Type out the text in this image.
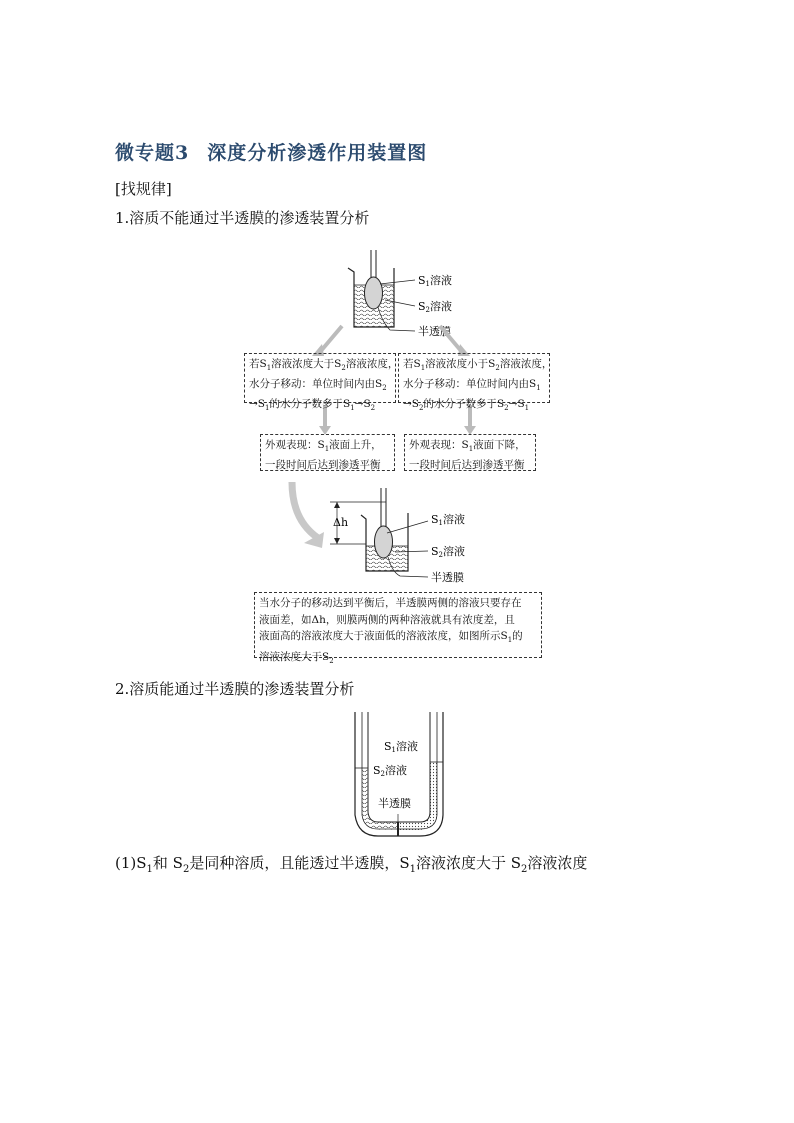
微专题3 深度分析渗透作用装置图
[找规律]
1.溶质不能通过半透膜的渗透装置分析
S1溶液
S2溶液
半透膜
Δh	S1溶液
S2溶液
半透膜
若$S_1$溶液浓度大于$S_2$溶液浓度，
水分子移动：单位时间内由$S_2$
$\to S_1$的水分子数多于$S_1\to S_2$
若$S_1$溶液浓度小于$S_2$溶液浓度，
水分子移动：单位时间内由$S_1$
$\to S_2$的水分子数多于$S_2\to S_1$
外观表现：$S_1$液面上升，
一段时间后达到渗透平衡
外观表现：$S_1$液面下降，
一段时间后达到渗透平衡
当水分子的移动达到平衡后，半透膜两侧的溶液只要存在
液面差，如Δh，则膜两侧的两种溶液就具有浓度差，且
液面高的溶液浓度大于液面低的溶液浓度，如图所示$S_1$的
溶液浓度大于$S_2$
2.溶质能通过半透膜的渗透装置分析
S1溶液
S2溶液
半透膜
$(1)S_1$和 $S_2$是同种溶质，且能透过半透膜，$S_1$溶液浓度大于 $S_2$溶液浓度
